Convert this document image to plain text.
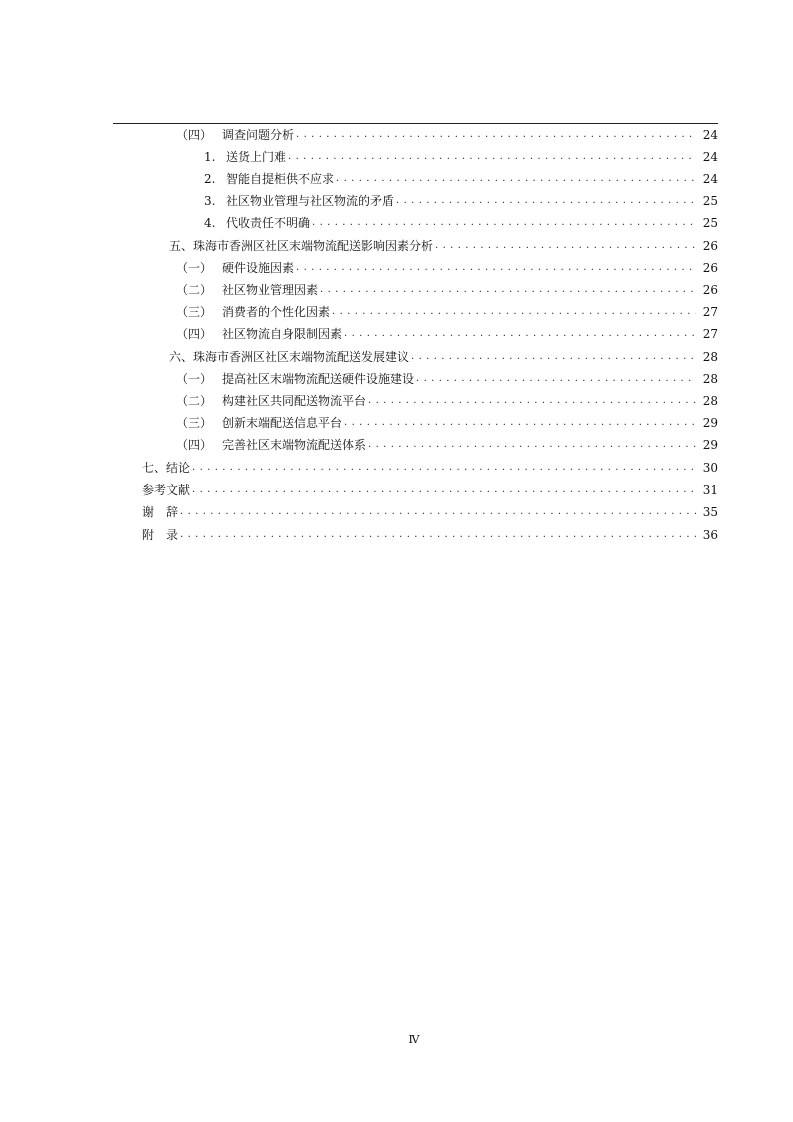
（四） 调查问题分析 . . .	24
1. 送货上门难 . . .	24
2. 智能自提柜供不应求 . . .	24
3. 社区物业管理与社区物流的矛盾 . . .	25
4. 代收责任不明确 . . .	25
五、珠海市香洲区社区末端物流配送影响因素分析 . . .	26
（一） 硬件设施因素 . . .	26
（二） 社区物业管理因素 . . .	26
（三） 消费者的个性化因素 . . .	27
（四） 社区物流自身限制因素 . . .	27
六、珠海市香洲区社区末端物流配送发展建议 . . .	28
（一） 提高社区末端物流配送硬件设施建设 . . .	28
（二） 构建社区共同配送物流平台 . . .	28
（三） 创新末端配送信息平台 . . .	29
（四） 完善社区末端物流配送体系 . . .	29
七、结论 . . .	30
参考文献 . . .	31
谢　辞 . . .	35
附　录 . . .	36
Ⅳ
